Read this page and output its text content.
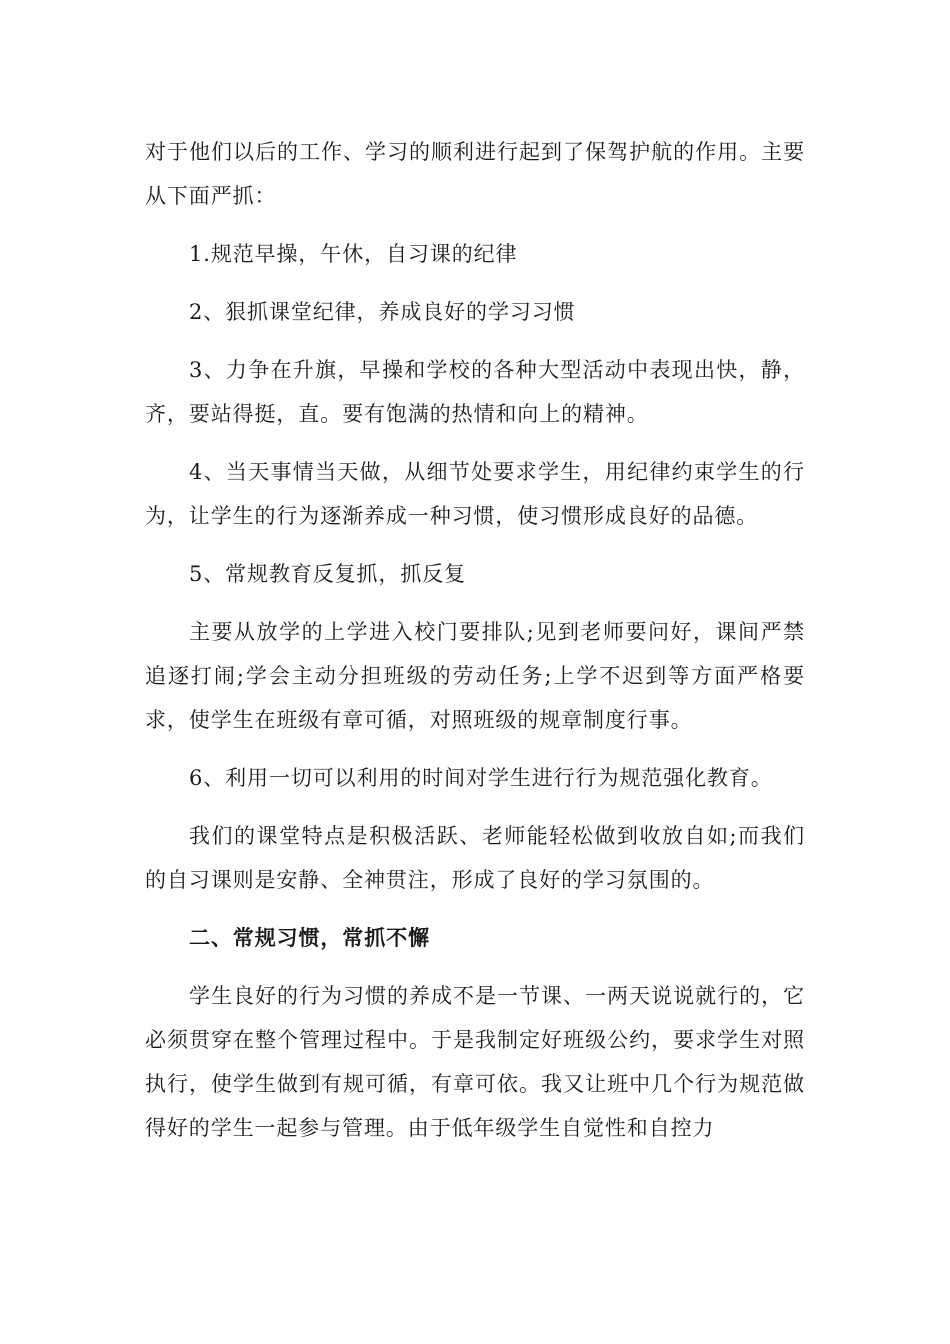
对于他们以后的工作、学习的顺利进行起到了保驾护航的作用。主要从下面严抓：

1.规范早操，午休，自习课的纪律

2、狠抓课堂纪律，养成良好的学习习惯

3、力争在升旗，早操和学校的各种大型活动中表现出快，静，齐，要站得挺，直。要有饱满的热情和向上的精神。

4、当天事情当天做，从细节处要求学生，用纪律约束学生的行为，让学生的行为逐渐养成一种习惯，使习惯形成良好的品德。

5、常规教育反复抓，抓反复

主要从放学的上学进入校门要排队;见到老师要问好，课间严禁追逐打闹;学会主动分担班级的劳动任务;上学不迟到等方面严格要求，使学生在班级有章可循，对照班级的规章制度行事。

6、利用一切可以利用的时间对学生进行行为规范强化教育。

我们的课堂特点是积极活跃、老师能轻松做到收放自如;而我们的自习课则是安静、全神贯注，形成了良好的学习氛围的。

二、常规习惯，常抓不懈

学生良好的行为习惯的养成不是一节课、一两天说说就行的，它必须贯穿在整个管理过程中。于是我制定好班级公约，要求学生对照执行，使学生做到有规可循，有章可依。我又让班中几个行为规范做得好的学生一起参与管理。由于低年级学生自觉性和自控力
